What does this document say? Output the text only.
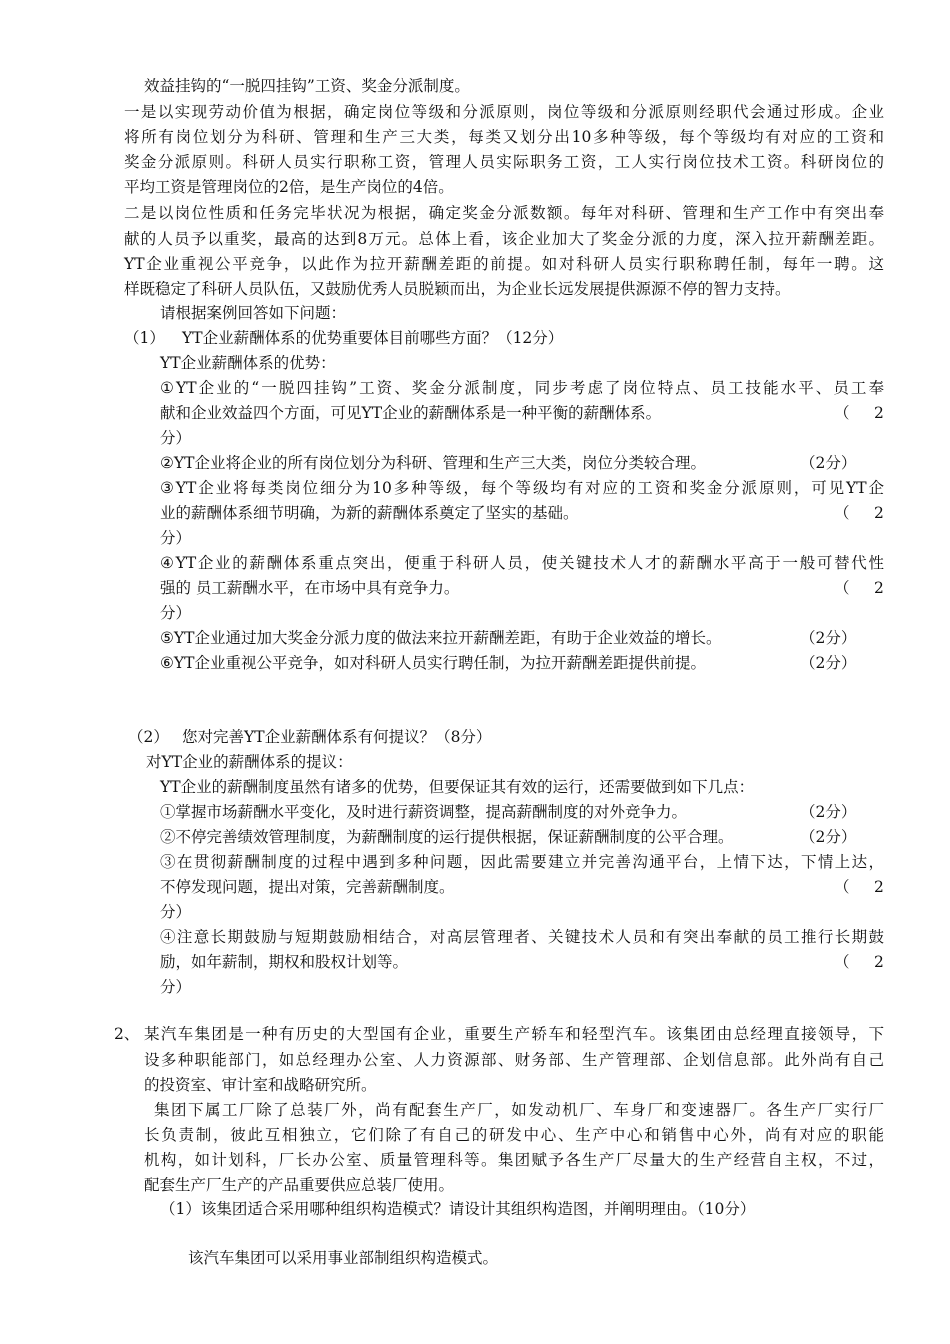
效益挂钩的“一脱四挂钩”工资、奖金分派制度。
一是以实现劳动价值为根据，确定岗位等级和分派原则，岗位等级和分派原则经职代会通过形成。企业
将所有岗位划分为科研、管理和生产三大类，每类又划分出10多种等级，每个等级均有对应的工资和
奖金分派原则。科研人员实行职称工资，管理人员实际职务工资，工人实行岗位技术工资。科研岗位的
平均工资是管理岗位的2倍，是生产岗位的4倍。
二是以岗位性质和任务完毕状况为根据，确定奖金分派数额。每年对科研、管理和生产工作中有突出奉
献的人员予以重奖，最高的达到8万元。总体上看，该企业加大了奖金分派的力度，深入拉开薪酬差距。
YT企业重视公平竞争，以此作为拉开薪酬差距的前提。如对科研人员实行职称聘任制，每年一聘。这
样既稳定了科研人员队伍，又鼓励优秀人员脱颖而出，为企业长远发展提供源源不停的智力支持。
请根据案例回答如下问题：
（1） YT企业薪酬体系的优势重要体目前哪些方面？（12分）
YT企业薪酬体系的优势：
①YT企业的“一脱四挂钩”工资、奖金分派制度，同步考虑了岗位特点、员工技能水平、员工奉
献和企业效益四个方面，可见YT企业的薪酬体系是一种平衡的薪酬体系。	（ 2
分）
②YT企业将企业的所有岗位划分为科研、管理和生产三大类，岗位分类较合理。	（2分）
③YT企业将每类岗位细分为10多种等级，每个等级均有对应的工资和奖金分派原则，可见YT企
业的薪酬体系细节明确，为新的薪酬体系奠定了坚实的基础。	（ 2
分）
④YT企业的薪酬体系重点突出，便重于科研人员，使关键技术人才的薪酬水平高于一般可替代性
强的 员工薪酬水平，在市场中具有竞争力。	（ 2
分）
⑤YT企业通过加大奖金分派力度的做法来拉开薪酬差距，有助于企业效益的增长。	（2分）
⑥YT企业重视公平竞争，如对科研人员实行聘任制，为拉开薪酬差距提供前提。	（2分）
（2） 您对完善YT企业薪酬体系有何提议？（8分）
对YT企业的薪酬体系的提议：
YT企业的薪酬制度虽然有诸多的优势，但要保证其有效的运行，还需要做到如下几点：
①掌握市场薪酬水平变化，及时进行薪资调整，提高薪酬制度的对外竞争力。	（2分）
②不停完善绩效管理制度，为薪酬制度的运行提供根据，保证薪酬制度的公平合理。	（2分）
③在贯彻薪酬制度的过程中遇到多种问题，因此需要建立并完善沟通平台，上情下达，下情上达，
不停发现问题，提出对策，完善薪酬制度。	（ 2
分）
④注意长期鼓励与短期鼓励相结合，对高层管理者、关键技术人员和有突出奉献的员工推行长期鼓
励，如年薪制，期权和股权计划等。	（ 2
分）
2、 某汽车集团是一种有历史的大型国有企业，重要生产轿车和轻型汽车。该集团由总经理直接领导，下
设多种职能部门，如总经理办公室、人力资源部、财务部、生产管理部、企划信息部。此外尚有自己
的投资室、审计室和战略研究所。
集团下属工厂除了总装厂外，尚有配套生产厂，如发动机厂、车身厂和变速器厂。各生产厂实行厂
长负责制，彼此互相独立，它们除了有自己的研发中心、生产中心和销售中心外，尚有对应的职能
机构，如计划科，厂长办公室、质量管理科等。集团赋予各生产厂尽量大的生产经营自主权，不过，
配套生产厂生产的产品重要供应总装厂使用。
（1）该集团适合采用哪种组织构造模式？请设计其组织构造图，并阐明理由。（10分）
该汽车集团可以采用事业部制组织构造模式。
